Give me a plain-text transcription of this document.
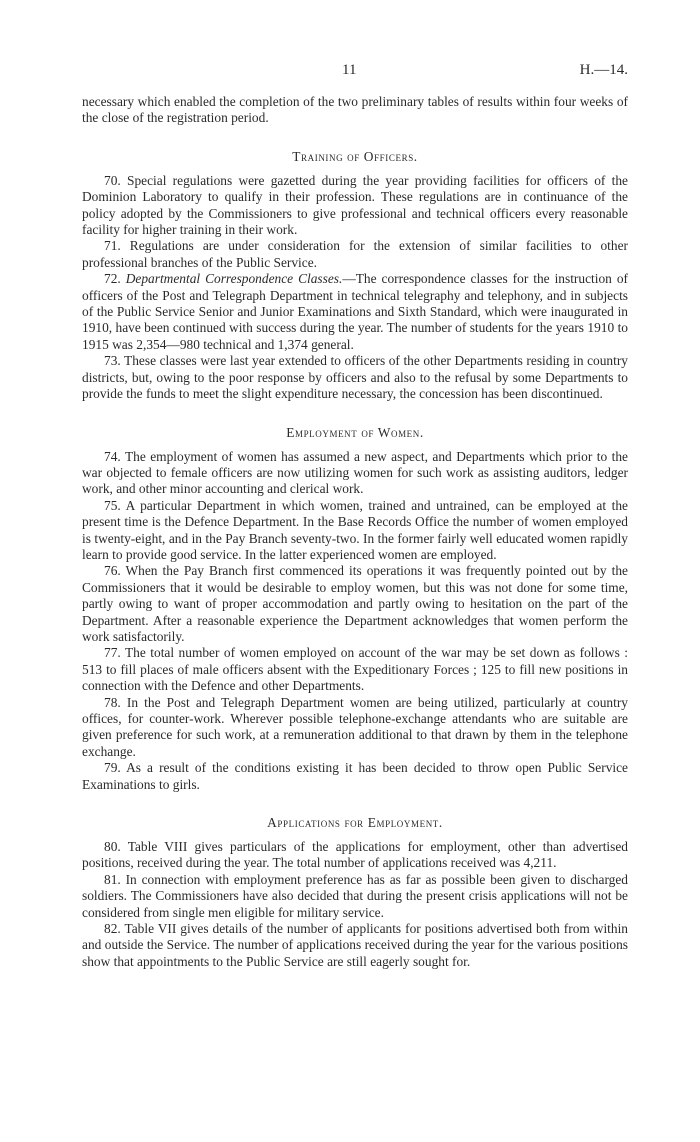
11	H.—14.

necessary which enabled the completion of the two preliminary tables of results within four weeks of the close of the registration period.

Training of Officers.

70. Special regulations were gazetted during the year providing facilities for officers of the Dominion Laboratory to qualify in their profession. These regulations are in continuance of the policy adopted by the Commissioners to give professional and technical officers every reasonable facility for higher training in their work.

71. Regulations are under consideration for the extension of similar facilities to other professional branches of the Public Service.

72. Departmental Correspondence Classes.—The correspondence classes for the instruction of officers of the Post and Telegraph Department in technical telegraphy and telephony, and in subjects of the Public Service Senior and Junior Examinations and Sixth Standard, which were inaugurated in 1910, have been continued with success during the year. The number of students for the years 1910 to 1915 was 2,354—980 technical and 1,374 general.

73. These classes were last year extended to officers of the other Departments residing in country districts, but, owing to the poor response by officers and also to the refusal by some Departments to provide the funds to meet the slight expenditure necessary, the concession has been discontinued.

Employment of Women.

74. The employment of women has assumed a new aspect, and Departments which prior to the war objected to female officers are now utilizing women for such work as assisting auditors, ledger work, and other minor accounting and clerical work.

75. A particular Department in which women, trained and untrained, can be employed at the present time is the Defence Department. In the Base Records Office the number of women employed is twenty-eight, and in the Pay Branch seventy-two. In the former fairly well educated women rapidly learn to provide good service. In the latter experienced women are employed.

76. When the Pay Branch first commenced its operations it was frequently pointed out by the Commissioners that it would be desirable to employ women, but this was not done for some time, partly owing to want of proper accommodation and partly owing to hesitation on the part of the Department. After a reasonable experience the Department acknowledges that women perform the work satisfactorily.

77. The total number of women employed on account of the war may be set down as follows : 513 to fill places of male officers absent with the Expeditionary Forces ; 125 to fill new positions in connection with the Defence and other Departments.

78. In the Post and Telegraph Department women are being utilized, particularly at country offices, for counter-work. Wherever possible telephone-exchange attendants who are suitable are given preference for such work, at a remuneration additional to that drawn by them in the telephone exchange.

79. As a result of the conditions existing it has been decided to throw open Public Service Examinations to girls.

Applications for Employment.

80. Table VIII gives particulars of the applications for employment, other than advertised positions, received during the year. The total number of applications received was 4,211.

81. In connection with employment preference has as far as possible been given to discharged soldiers. The Commissioners have also decided that during the present crisis applications will not be considered from single men eligible for military service.

82. Table VII gives details of the number of applicants for positions advertised both from within and outside the Service. The number of applications received during the year for the various positions show that appointments to the Public Service are still eagerly sought for.
